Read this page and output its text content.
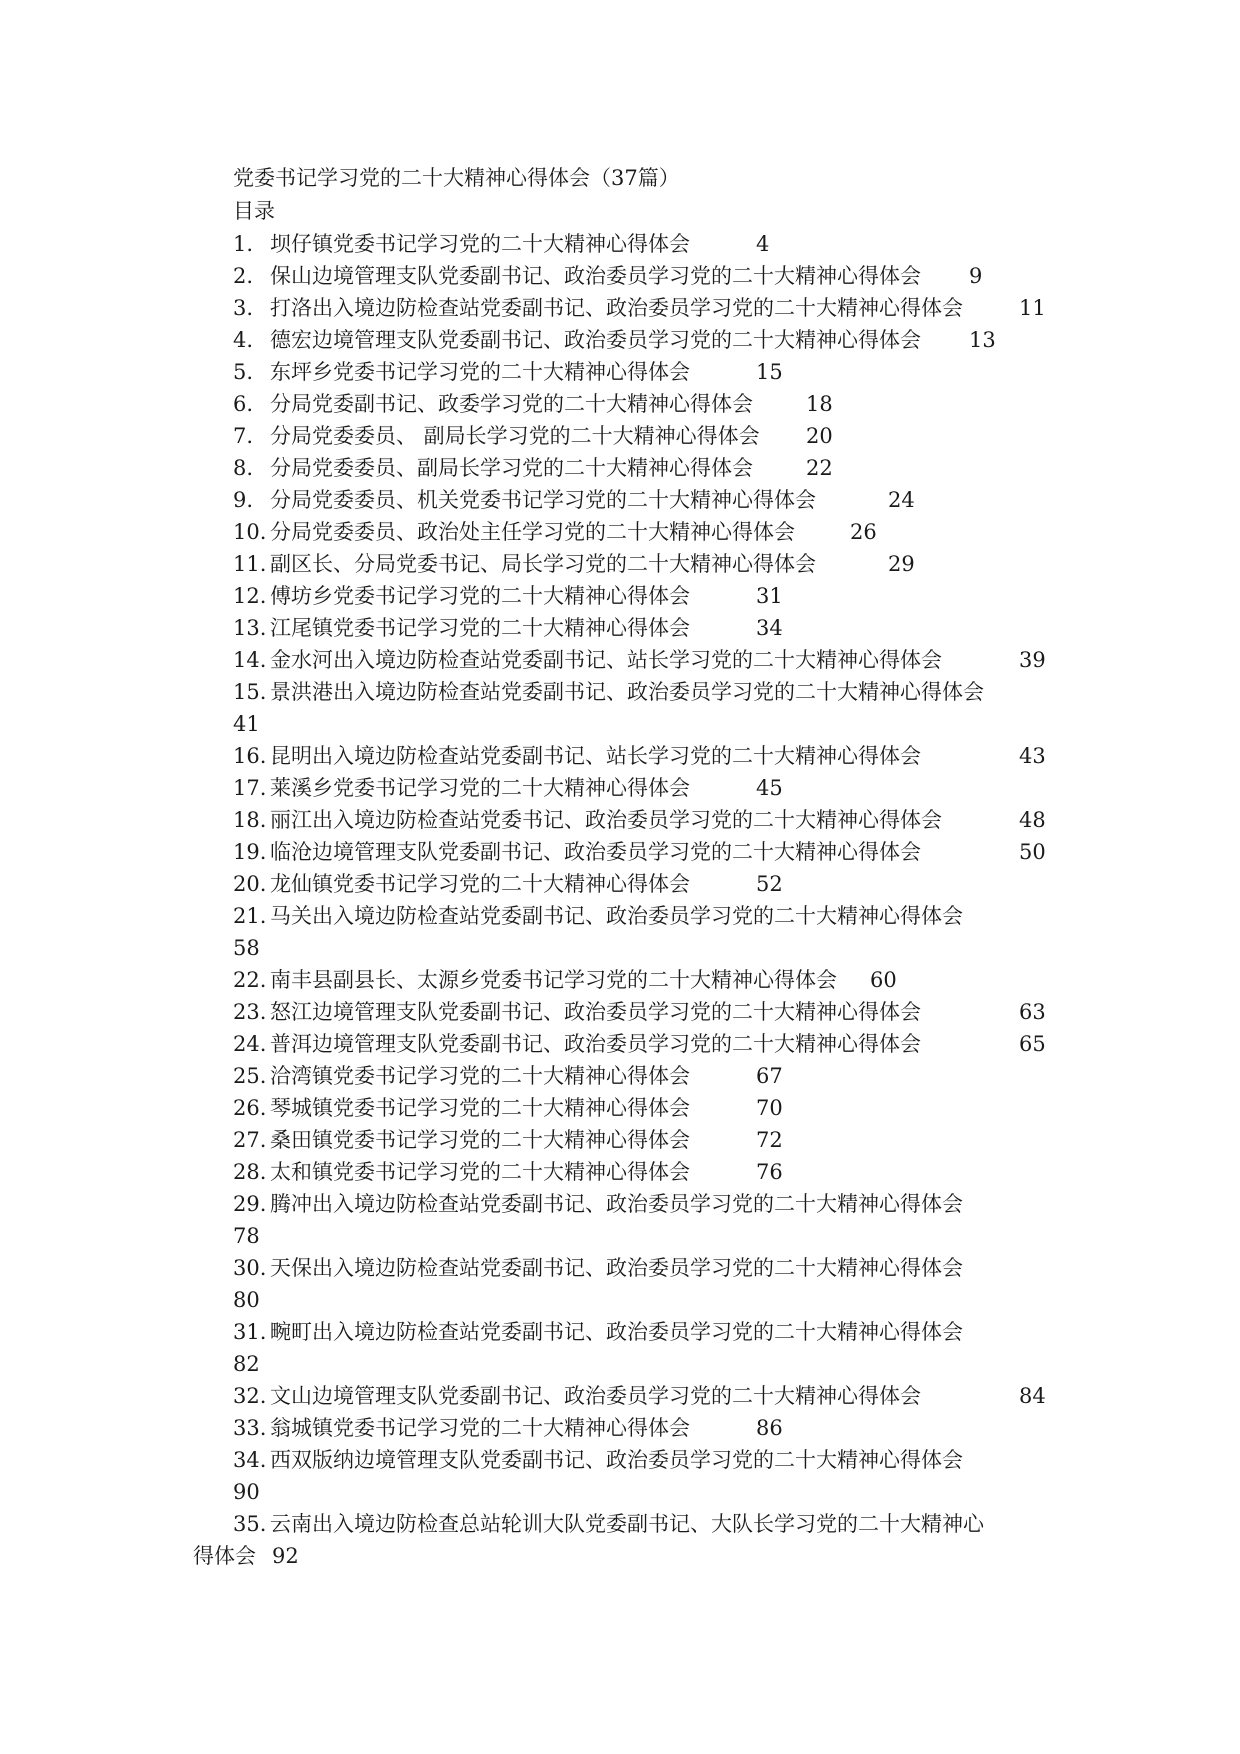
党委书记学习党的二十大精神心得体会（37篇）
目录
1. 坝仔镇党委书记学习党的二十大精神心得体会	4
2. 保山边境管理支队党委副书记、政治委员学习党的二十大精神心得体会 9
3. 打洛出入境边防检查站党委副书记、政治委员学习党的二十大精神心得体会	11
4. 德宏边境管理支队党委副书记、政治委员学习党的二十大精神心得体会 13
5. 东坪乡党委书记学习党的二十大精神心得体会	15
6. 分局党委副书记、政委学习党的二十大精神心得体会	18
7. 分局党委委员、 副局长学习党的二十大精神心得体会 20
8. 分局党委委员、副局长学习党的二十大精神心得体会	22
9. 分局党委委员、机关党委书记学习党的二十大精神心得体会	24
10. 分局党委委员、政治处主任学习党的二十大精神心得体会	26
11. 副区长、分局党委书记、局长学习党的二十大精神心得体会	29
12. 傅坊乡党委书记学习党的二十大精神心得体会	31
13. 江尾镇党委书记学习党的二十大精神心得体会	34
14. 金水河出入境边防检查站党委副书记、站长学习党的二十大精神心得体会	39
15. 景洪港出入境边防检查站党委副书记、政治委员学习党的二十大精神心得体会
41
16. 昆明出入境边防检查站党委副书记、站长学习党的二十大精神心得体会	43
17. 莱溪乡党委书记学习党的二十大精神心得体会	45
18. 丽江出入境边防检查站党委书记、政治委员学习党的二十大精神心得体会	48
19. 临沧边境管理支队党委副书记、政治委员学习党的二十大精神心得体会	50
20. 龙仙镇党委书记学习党的二十大精神心得体会	52
21. 马关出入境边防检查站党委副书记、政治委员学习党的二十大精神心得体会
58
22. 南丰县副县长、太源乡党委书记学习党的二十大精神心得体会 60
23. 怒江边境管理支队党委副书记、政治委员学习党的二十大精神心得体会	63
24. 普洱边境管理支队党委副书记、政治委员学习党的二十大精神心得体会	65
25. 洽湾镇党委书记学习党的二十大精神心得体会	67
26. 琴城镇党委书记学习党的二十大精神心得体会	70
27. 桑田镇党委书记学习党的二十大精神心得体会	72
28. 太和镇党委书记学习党的二十大精神心得体会	76
29. 腾冲出入境边防检查站党委副书记、政治委员学习党的二十大精神心得体会
78
30. 天保出入境边防检查站党委副书记、政治委员学习党的二十大精神心得体会
80
31. 畹町出入境边防检查站党委副书记、政治委员学习党的二十大精神心得体会
82
32. 文山边境管理支队党委副书记、政治委员学习党的二十大精神心得体会	84
33. 翁城镇党委书记学习党的二十大精神心得体会	86
34. 西双版纳边境管理支队党委副书记、政治委员学习党的二十大精神心得体会
90
35. 云南出入境边防检查总站轮训大队党委副书记、大队长学习党的二十大精神心
得体会 92
